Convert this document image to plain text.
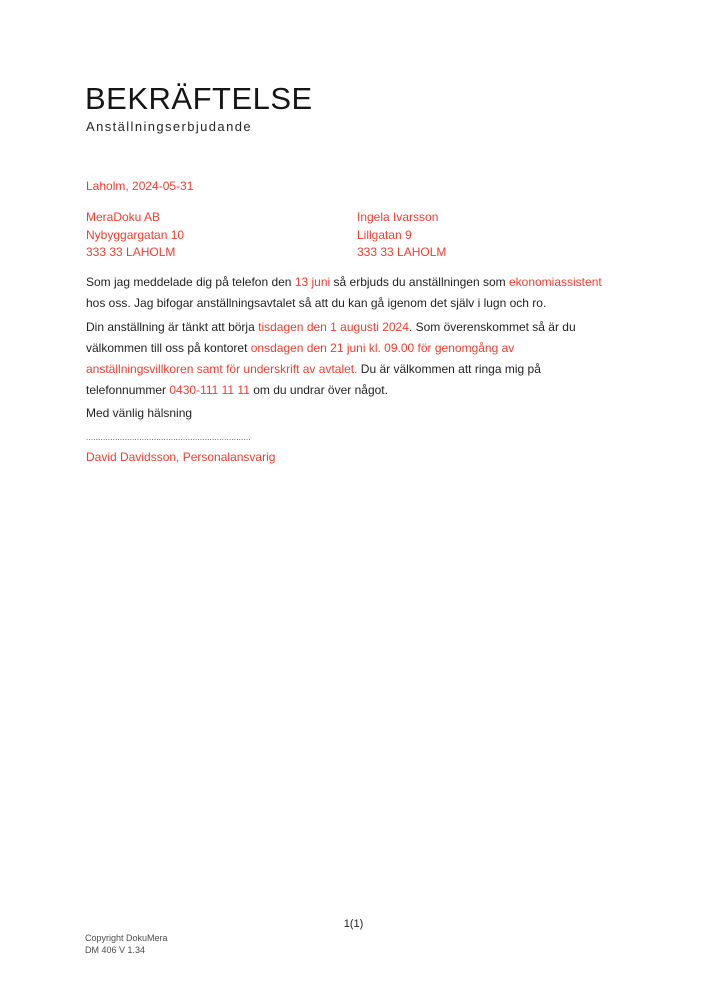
BEKRÄFTELSE
Anställningserbjudande
Laholm, 2024-05-31
MeraDoku AB
Nybyggargatan 10
333 33 LAHOLM
Ingela Ivarsson
Lillgatan 9
333 33 LAHOLM

Som jag meddelade dig på telefon den 13 juni så erbjuds du anställningen som ekonomiassistent hos oss. Jag bifogar anställningsavtalet så att du kan gå igenom det själv i lugn och ro.

Din anställning är tänkt att börja tisdagen den 1 augusti 2024. Som överenskommet så är du välkommen till oss på kontoret onsdagen den 21 juni kl. 09.00 för genomgång av anställningsvillkoren samt för underskrift av avtalet. Du är välkommen att ringa mig på telefonnummer 0430-111 11 11 om du undrar över något.

Med vänlig hälsning
....................................................................
David Davidsson, Personalansvarig
1(1)
Copyright DokuMera
DM 406 V 1.34
